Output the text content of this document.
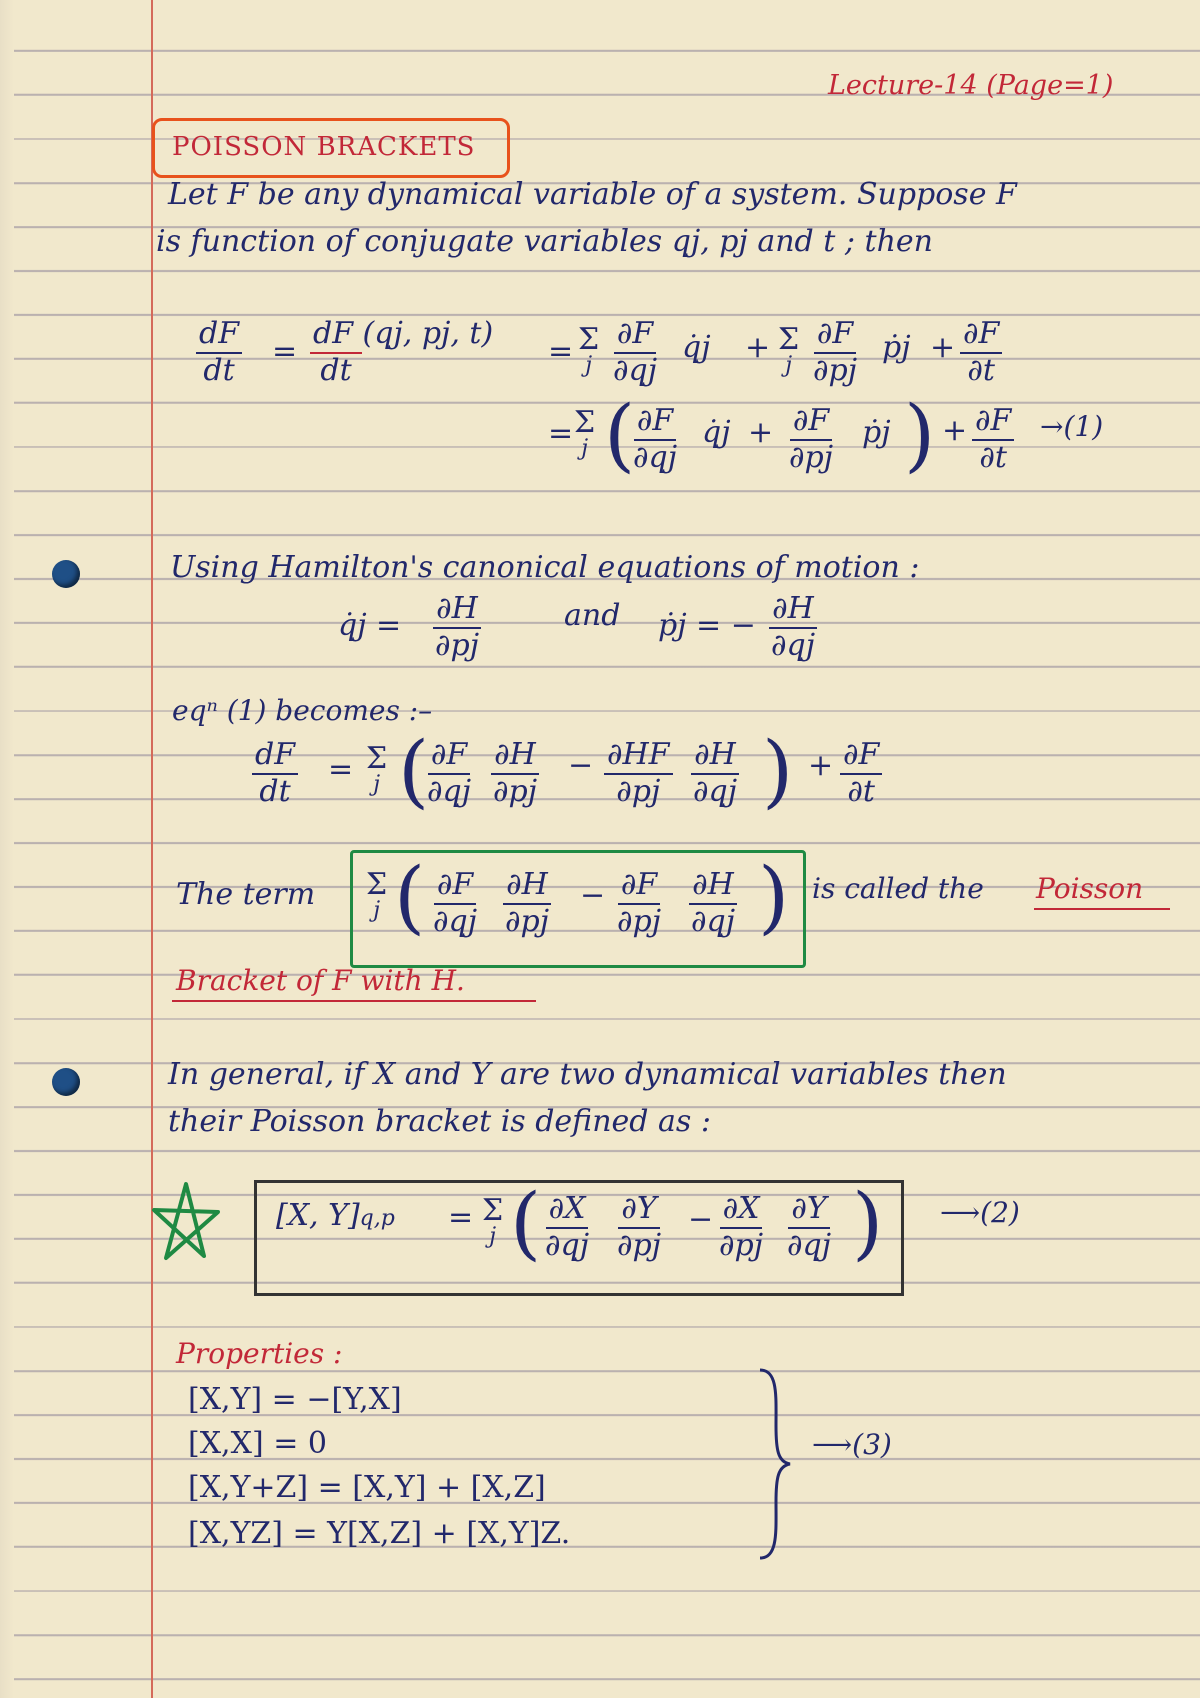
Lecture-14 (Page=1)
POISSON BRACKETS
Let F be any dynamical variable of a system. Suppose F
is function of conjugate variables qj, pj and t ; then
$\frac{dF}{dt} = \frac{dF (qj, pj, t)}{dt} = \Sigma$
j $\frac{\partial F}{\partial qj}$ q̇j + Σ
j $\frac{\partial F}{\partial pj}$ ṗj + $\frac{\partial F}{\partial t}$
= Σ
j (
$\frac{\partial F}{\partial qj}$ q̇j + $\frac{\partial F}{\partial pj}$ ṗj ) + $\frac{\partial F}{\partial t} \to(1)$
Using Hamilton's canonical equations of motion :
q̇j = $\frac{\partial H}{\partial pj}$	and ṗj = − $\frac{\partial H}{\partial qj}$
eqⁿ (1) becomes :–
$\frac{dF}{dt} = \Sigma$
j (
$\frac{\partial F}{\partial qj} \frac{\partial H}{\partial pj} - \frac{\partial HF}{\partial pj} \frac{\partial H}{\partial qj}$ ) + $\frac{\partial F}{\partial t}$
The term Σ
j ( $\frac{\partial F}{\partial qj} \frac{\partial H}{\partial pj} - \frac{\partial F}{\partial pj} \frac{\partial H}{\partial qj}$ ) is called the Poisson
Bracket of F with H.
In general, if X and Y are two dynamical variables then
their Poisson bracket is defined as :
[X, Y]q,p = Σ
j ( $\frac{\partial X}{\partial qj} \frac{\partial Y}{\partial pj} - \frac{\partial X}{\partial pj} \frac{\partial Y}{\partial qj}$ ) ⟶(2)
Properties :
[X,Y] = −[Y,X]
[X,X] = 0
[X,Y+Z] = [X,Y] + [X,Z]
[X,YZ] = Y[X,Z] + [X,Y]Z.
⟶(3)
